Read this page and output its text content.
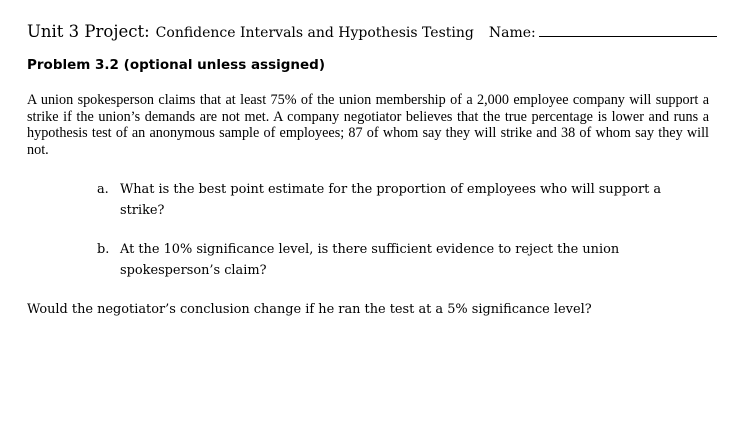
Unit 3 Project: Confidence Intervals and Hypothesis Testing Name:
Problem 3.2 (optional unless assigned)

A union spokesperson claims that at least 75% of the union membership of a 2,000 employee company will support a strike if the union’s demands are not met. A company negotiator believes that the true percentage is lower and runs a hypothesis test of an anonymous sample of employees; 87 of whom say they will strike and 38 of whom say they will not.

a. What is the best point estimate for the proportion of employees who will support a strike?
b. At the 10% significance level, is there sufficient evidence to reject the union spokesperson’s claim?
Would the negotiator’s conclusion change if he ran the test at a 5% significance level?
